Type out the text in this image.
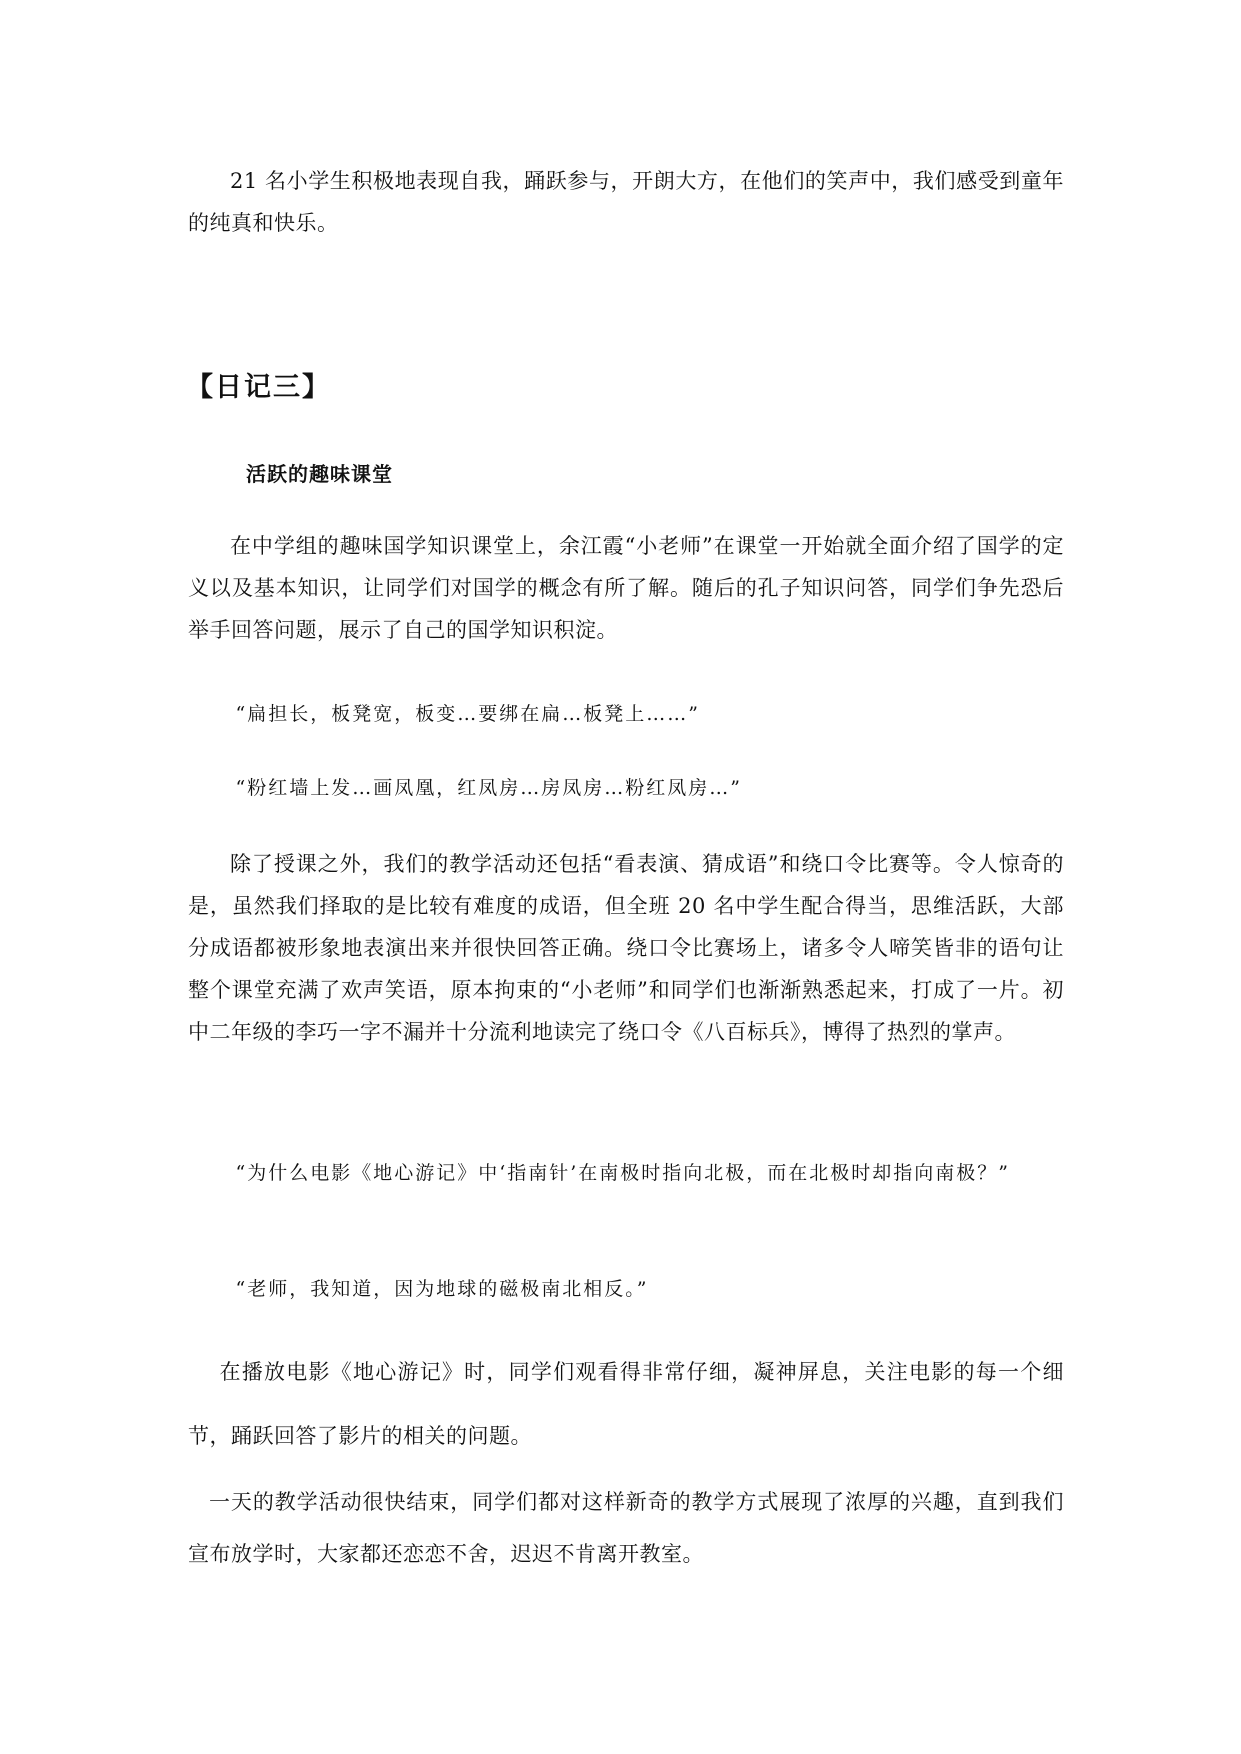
21 名小学生积极地表现自我，踊跃参与，开朗大方，在他们的笑声中，我们感受到童年的纯真和快乐。

【日记三】
活跃的趣味课堂

在中学组的趣味国学知识课堂上，余江霞“小老师”在课堂一开始就全面介绍了国学的定义以及基本知识，让同学们对国学的概念有所了解。随后的孔子知识问答，同学们争先恐后举手回答问题，展示了自己的国学知识积淀。

“扁担长，板凳宽，板变…要绑在扁…板凳上……”

“粉红墙上发…画凤凰，红凤房…房凤房…粉红凤房…”

除了授课之外，我们的教学活动还包括“看表演、猜成语”和绕口令比赛等。令人惊奇的是，虽然我们择取的是比较有难度的成语，但全班 20 名中学生配合得当，思维活跃，大部分成语都被形象地表演出来并很快回答正确。绕口令比赛场上，诸多令人啼笑皆非的语句让整个课堂充满了欢声笑语，原本拘束的“小老师”和同学们也渐渐熟悉起来，打成了一片。初中二年级的李巧一字不漏并十分流利地读完了绕口令《八百标兵》，博得了热烈的掌声。

“为什么电影《地心游记》中‘指南针’在南极时指向北极，而在北极时却指向南极？”

“老师，我知道，因为地球的磁极南北相反。”

在播放电影《地心游记》时，同学们观看得非常仔细，凝神屏息，关注电影的每一个细节，踊跃回答了影片的相关的问题。

一天的教学活动很快结束，同学们都对这样新奇的教学方式展现了浓厚的兴趣，直到我们宣布放学时，大家都还恋恋不舍，迟迟不肯离开教室。
